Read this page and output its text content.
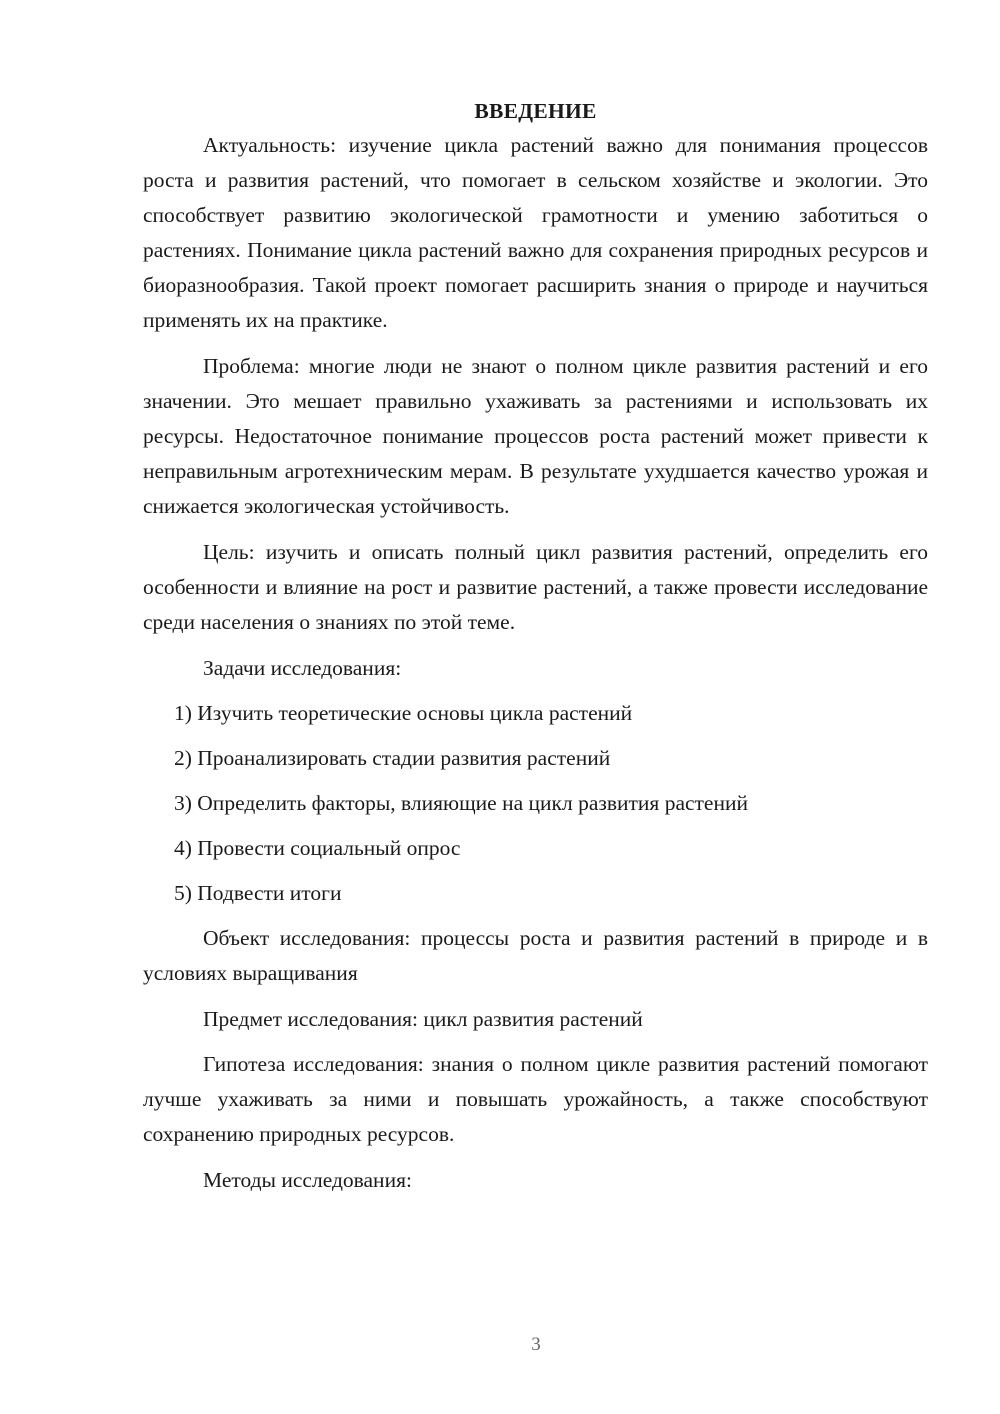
ВВЕДЕНИЕ

Актуальность: изучение цикла растений важно для понимания процессов роста и развития растений, что помогает в сельском хозяйстве и экологии. Это способствует развитию экологической грамотности и умению заботиться о растениях. Понимание цикла растений важно для сохранения природных ресурсов и биоразнообразия. Такой проект помогает расширить знания о природе и научиться применять их на практике.

Проблема: многие люди не знают о полном цикле развития растений и его значении. Это мешает правильно ухаживать за растениями и использовать их ресурсы. Недостаточное понимание процессов роста растений может привести к неправильным агротехническим мерам. В результате ухудшается качество урожая и снижается экологическая устойчивость.

Цель: изучить и описать полный цикл развития растений, определить его особенности и влияние на рост и развитие растений, а также провести исследование среди населения о знаниях по этой теме.

Задачи исследования:
1) Изучить теоретические основы цикла растений
2) Проанализировать стадии развития растений
3) Определить факторы, влияющие на цикл развития растений
4) Провести социальный опрос
5) Подвести итоги

Объект исследования: процессы роста и развития растений в природе и в условиях выращивания

Предмет исследования: цикл развития растений

Гипотеза исследования: знания о полном цикле развития растений помогают лучше ухаживать за ними и повышать урожайность, а также способствуют сохранению природных ресурсов.

Методы исследования:
3
